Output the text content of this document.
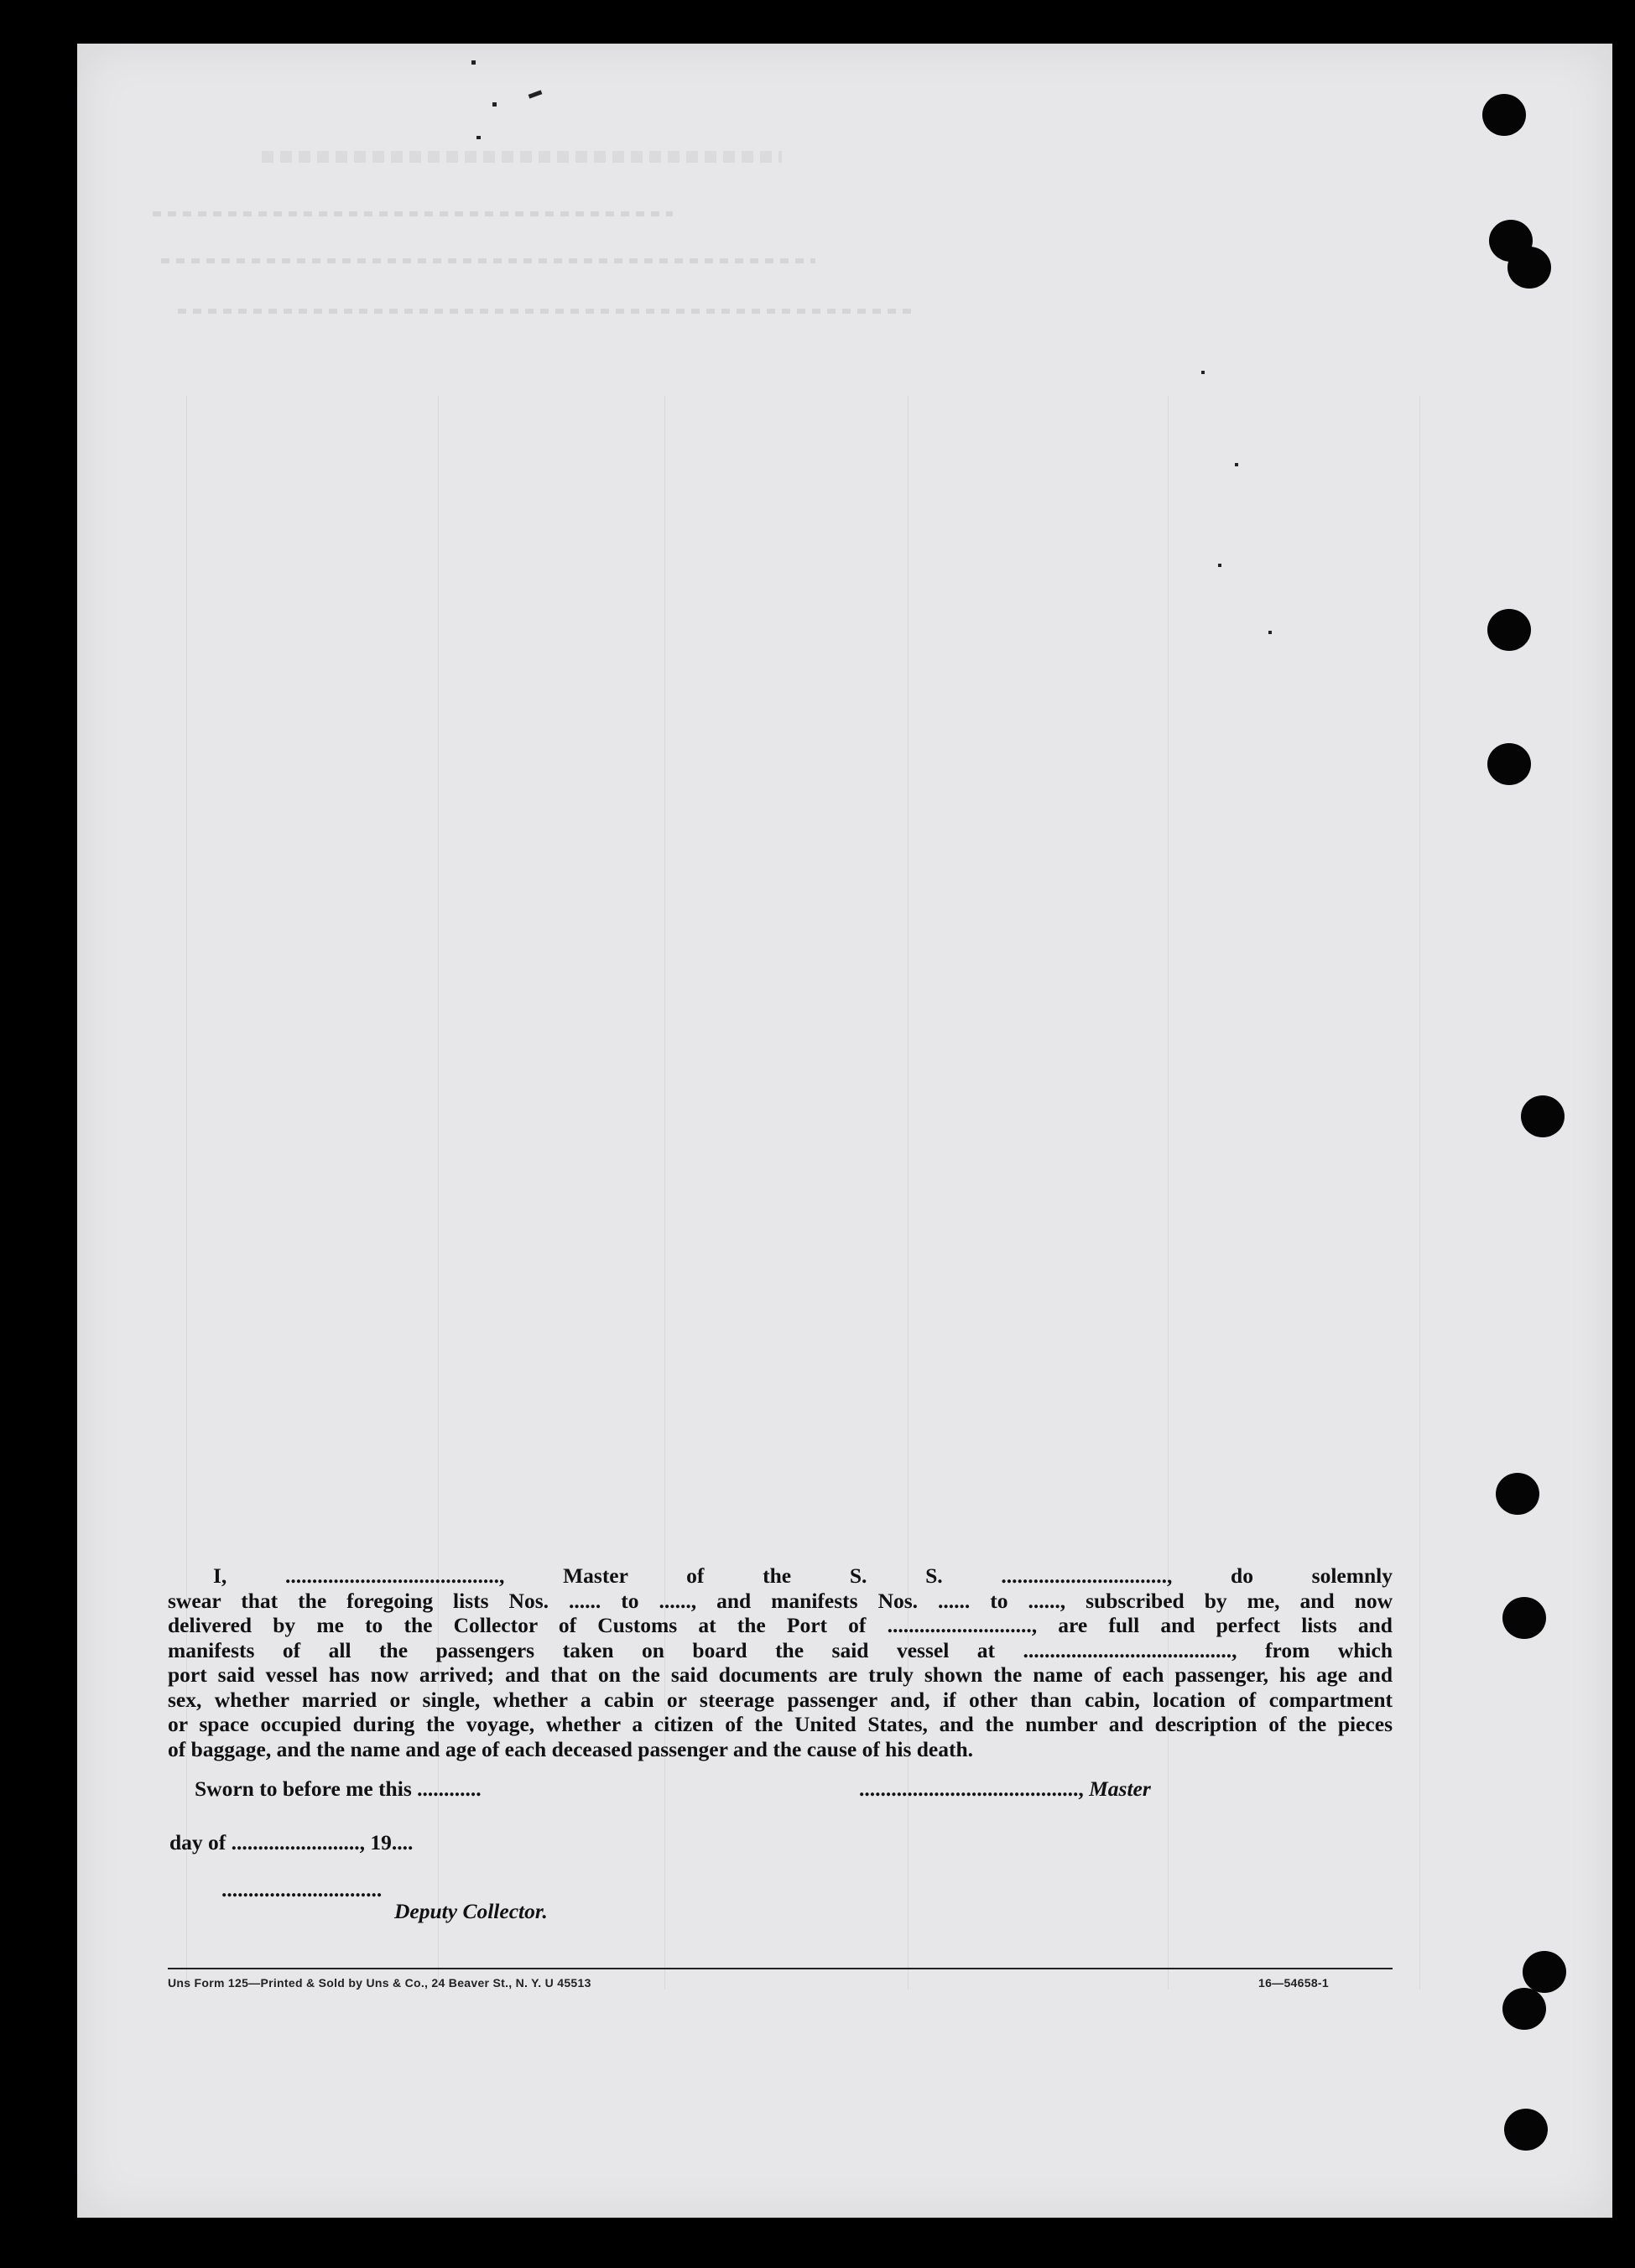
I, ........................................, Master of the S. S. ..............................., do solemnly
swear that the foregoing lists Nos. ...... to ......, and manifests Nos. ...... to ......, subscribed by me, and now
delivered by me to the Collector of Customs at the Port of ..........................., are full and perfect lists and
manifests of all the passengers taken on board the said vessel at ......................................., from which
port said vessel has now arrived; and that on the said documents are truly shown the name of each passenger, his age and
sex, whether married or single, whether a cabin or steerage passenger and, if other than cabin, location of compartment
or space occupied during the voyage, whether a citizen of the United States, and the number and description of the pieces
of baggage, and the name and age of each deceased passenger and the cause of his death.
Sworn to before me this ............	........................................., Master
day of ........................, 19....
..............................
Deputy Collector.
Uns Form 125—Printed & Sold by Uns & Co., 24 Beaver St., N. Y. U 45513	16—54658-1
